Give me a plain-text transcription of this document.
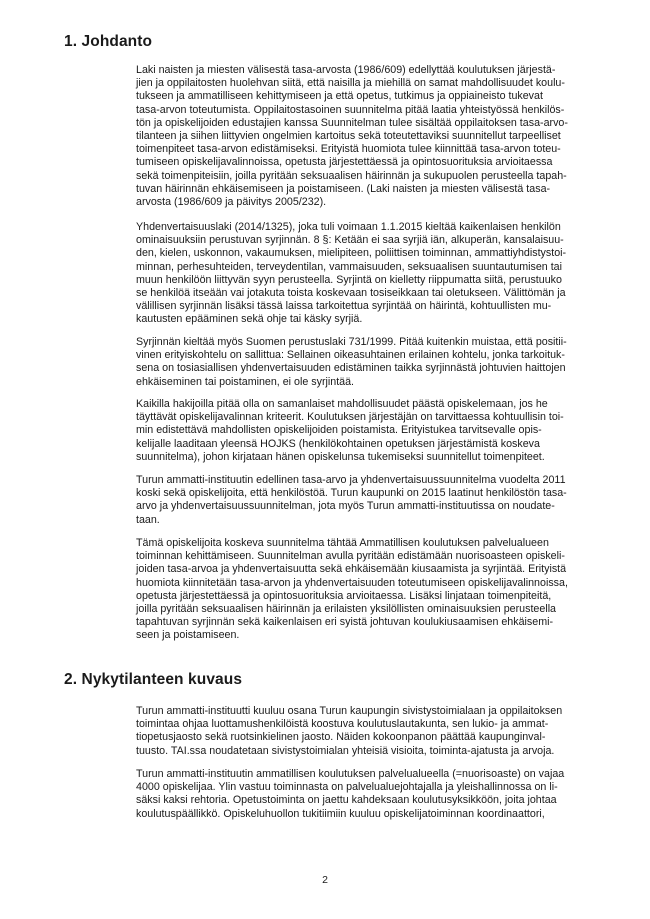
1. Johdanto
Laki naisten ja miesten välisestä tasa-arvosta (1986/609) edellyttää koulutuksen järjestä-
jien ja oppilaitosten huolehvan siitä, että naisilla ja miehillä on samat mahdollisuudet koulu-
tukseen ja ammatilliseen kehittymiseen ja että opetus, tutkimus ja oppiaineisto tukevat
tasa-arvon toteutumista. Oppilaitostasoinen suunnitelma pitää laatia yhteistyössä henkilös-
tön ja opiskelijoiden edustajien kanssa Suunnitelman tulee sisältää oppilaitoksen tasa-arvo-
tilanteen ja siihen liittyvien ongelmien kartoitus sekä toteutettaviksi suunnitellut tarpeelliset
toimenpiteet tasa-arvon edistämiseksi. Erityistä huomiota tulee kiinnittää tasa-arvon toteu-
tumiseen opiskelijavalinnoissa, opetusta järjestettäessä ja opintosuorituksia arvioitaessa
sekä toimenpiteisiin, joilla pyritään seksuaalisen häirinnän ja sukupuolen perusteella tapah-
tuvan häirinnän ehkäisemiseen ja poistamiseen. (Laki naisten ja miesten välisestä tasa-
arvosta (1986/609 ja päivitys 2005/232).
Yhdenvertaisuuslaki (2014/1325), joka tuli voimaan 1.1.2015 kieltää kaikenlaisen henkilön
ominaisuuksiin perustuvan syrjinnän. 8 §: Ketään ei saa syrjiä iän, alkuperän, kansalaisuu-
den, kielen, uskonnon, vakaumuksen, mielipiteen, poliittisen toiminnan, ammattiyhdistystoi-
minnan, perhesuhteiden, terveydentilan, vammaisuuden, seksuaalisen suuntautumisen tai
muun henkilöön liittyvän syyn perusteella. Syrjintä on kielletty riippumatta siitä, perustuuko
se henkilöä itseään vai jotakuta toista koskevaan tosiseikkaan tai oletukseen. Välittömän ja
välillisen syrjinnän lisäksi tässä laissa tarkoitettua syrjintää on häirintä, kohtuullisten mu-
kautusten epääminen sekä ohje tai käsky syrjiä.
Syrjinnän kieltää myös Suomen perustuslaki 731/1999. Pitää kuitenkin muistaa, että positii-
vinen erityiskohtelu on sallittua: Sellainen oikeasuhtainen erilainen kohtelu, jonka tarkoituk-
sena on tosiasiallisen yhdenvertaisuuden edistäminen taikka syrjinnästä johtuvien haittojen
ehkäiseminen tai poistaminen, ei ole syrjintää.
Kaikilla hakijoilla pitää olla on samanlaiset mahdollisuudet päästä opiskelemaan, jos he
täyttävät opiskelijavalinnan kriteerit. Koulutuksen järjestäjän on tarvittaessa kohtuullisin toi-
min edistettävä mahdollisten opiskelijoiden poistamista. Erityistukea tarvitsevalle opis-
kelijalle laaditaan yleensä HOJKS (henkilökohtainen opetuksen järjestämistä koskeva
suunnitelma), johon kirjataan hänen opiskelunsa tukemiseksi suunnitellut toimenpiteet.
Turun ammatti-instituutin edellinen tasa-arvo ja yhdenvertaisuussuunnitelma vuodelta 2011
koski sekä opiskelijoita, että henkilöstöä. Turun kaupunki on 2015 laatinut henkilöstön tasa-
arvo ja yhdenvertaisuussuunnitelman, jota myös Turun ammatti-instituutissa on noudate-
taan.
Tämä opiskelijoita koskeva suunnitelma tähtää Ammatillisen koulutuksen palvelualueen
toiminnan kehittämiseen. Suunnitelman avulla pyritään edistämään nuorisoasteen opiskeli-
joiden tasa-arvoa ja yhdenvertaisuutta sekä ehkäisemään kiusaamista ja syrjintää. Erityistä
huomiota kiinnitetään tasa-arvon ja yhdenvertaisuuden toteutumiseen opiskelijavalinnoissa,
opetusta järjestettäessä ja opintosuorituksia arvioitaessa. Lisäksi linjataan toimenpiteitä,
joilla pyritään seksuaalisen häirinnän ja erilaisten yksilöllisten ominaisuuksien perusteella
tapahtuvan syrjinnän sekä kaikenlaisen eri syistä johtuvan koulukiusaamisen ehkäisemi-
seen ja poistamiseen.
2. Nykytilanteen kuvaus
Turun ammatti-instituutti kuuluu osana Turun kaupungin sivistystoimialaan ja oppilaitoksen
toimintaa ohjaa luottamushenkilöistä koostuva koulutuslautakunta, sen lukio- ja ammat-
tiopetusjaosto sekä ruotsinkielinen jaosto. Näiden kokoonpanon päättää kaupunginval-
tuusto. TAI.ssa noudatetaan sivistystoimialan yhteisiä visioita, toiminta-ajatusta ja arvoja.
Turun ammatti-instituutin ammatillisen koulutuksen palvelualueella (=nuorisoaste) on vajaa
4000 opiskelijaa. Ylin vastuu toiminnasta on palvelualuejohtajalla ja yleishallinnossa on li-
säksi kaksi rehtoria. Opetustoiminta on jaettu kahdeksaan koulutusyksikköön, joita johtaa
koulutuspäällikkö. Opiskeluhuollon tukitiimiin kuuluu opiskelijatoiminnan koordinaattori,
2
